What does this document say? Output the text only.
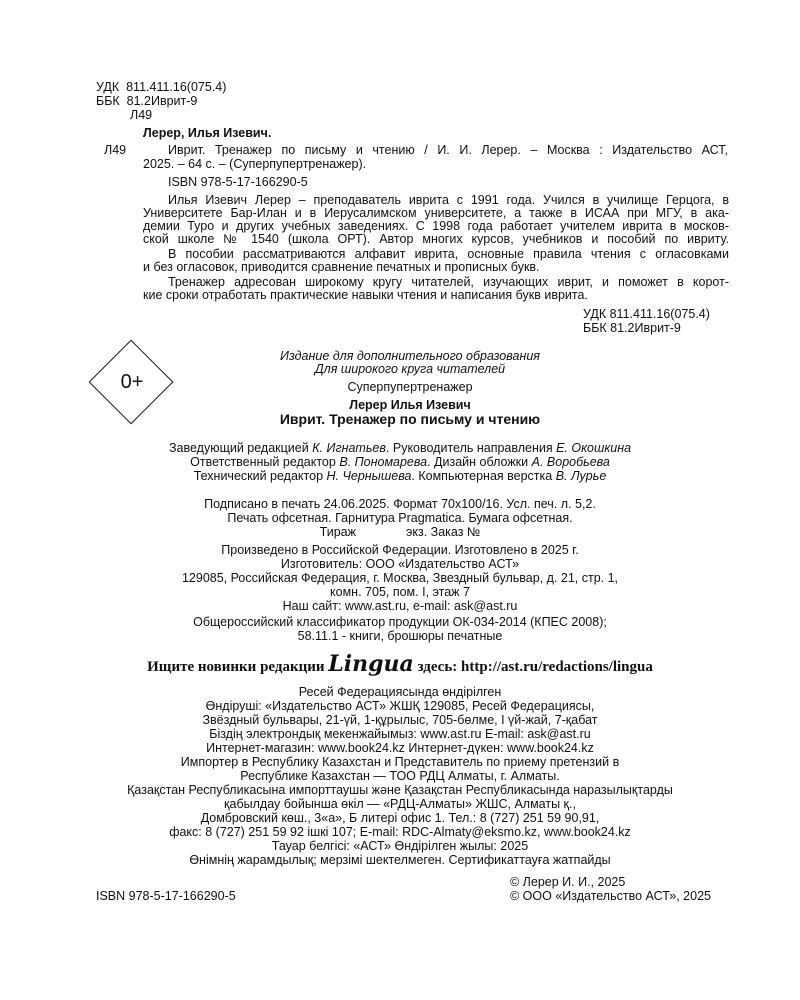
УДК 811.411.16(075.4)
ББК 81.2Иврит-9
Л49
Лерер, Илья Изевич.
Л49	Иврит. Тренажер по письму и чтению / И. И. Лерер. – Москва : Издательство АСТ,
2025. – 64 с. – (Суперпупертренажер).
ISBN 978-5-17-166290-5
Илья Изевич Лерер – преподаватель иврита с 1991 года. Учился в училище Герцога, в
Университете Бар-Илан и в Иерусалимском университете, а также в ИСАА при МГУ, в ака-
демии Туро и других учебных заведениях. С 1998 года работает учителем иврита в москов-
ской школе № 1540 (школа ОРТ). Автор многих курсов, учебников и пособий по ивриту.
В пособии рассматриваются алфавит иврита, основные правила чтения с огласовками
и без огласовок, приводится сравнение печатных и прописных букв.
Тренажер адресован широкому кругу читателей, изучающих иврит, и поможет в корот-
кие сроки отработать практические навыки чтения и написания букв иврита.
УДК 811.411.16(075.4)
ББК 81.2Иврит-9
0+
Издание для дополнительного образования
Для широкого круга читателей
Суперпупертренажер
Лерер Илья Изевич
Иврит. Тренажер по письму и чтению
Заведующий редакцией К. Игнатьев. Руководитель направления Е. Окошкина
Ответственный редактор В. Пономарева. Дизайн обложки А. Воробьева
Технический редактор Н. Чернышева. Компьютерная верстка В. Лурье
Подписано в печать 24.06.2025. Формат 70х100/16. Усл. печ. л. 5,2.
Печать офсетная. Гарнитура Pragmatica. Бумага офсетная.
Тираж	экз. Заказ №
Произведено в Российской Федерации. Изготовлено в 2025 г.
Изготовитель: ООО «Издательство АСТ»
129085, Российская Федерация, г. Москва, Звездный бульвар, д. 21, стр. 1,
комн. 705, пом. I, этаж 7
Наш сайт: www.ast.ru, e-mail: ask@ast.ru
Общероссийский классификатор продукции ОК-034-2014 (КПЕС 2008);
58.11.1 - книги, брошюры печатные
Ищите новинки редакции Lingua здесь: http://ast.ru/redactions/lingua
Ресей Федерациясында өндірілген
Өндіруші: «Издательство АСТ» ЖШҚ 129085, Ресей Федерациясы,
Звёздный бульвары, 21-үй, 1-құрылыс, 705-бөлме, I үй-жай, 7-қабат
Біздің электрондық мекенжайымыз: www.ast.ru E-mail: ask@ast.ru
Интернет-магазин: www.book24.kz Интернет-дүкен: www.book24.kz
Импортер в Республику Казахстан и Представитель по приему претензий в
Республике Казахстан — ТОО РДЦ Алматы, г. Алматы.
Қазақстан Республикасына импорттаушы және Қазақстан Республикасында наразылықтарды
қабылдау бойынша өкіл — «РДЦ-Алматы» ЖШС, Алматы қ.,
Домбровский көш., 3«а», Б литері офис 1. Тел.: 8 (727) 251 59 90,91,
факс: 8 (727) 251 59 92 ішкі 107; E-mail: RDC-Almaty@eksmo.kz, www.book24.kz
Тауар белгісі: «АСТ» Өндірілген жылы: 2025
Өнімнің жарамдылық; мерзімі шектелмеген. Сертификаттауға жатпайды
© Лерер И. И., 2025
ISBN 978-5-17-166290-5	© ООО «Издательство АСТ», 2025
